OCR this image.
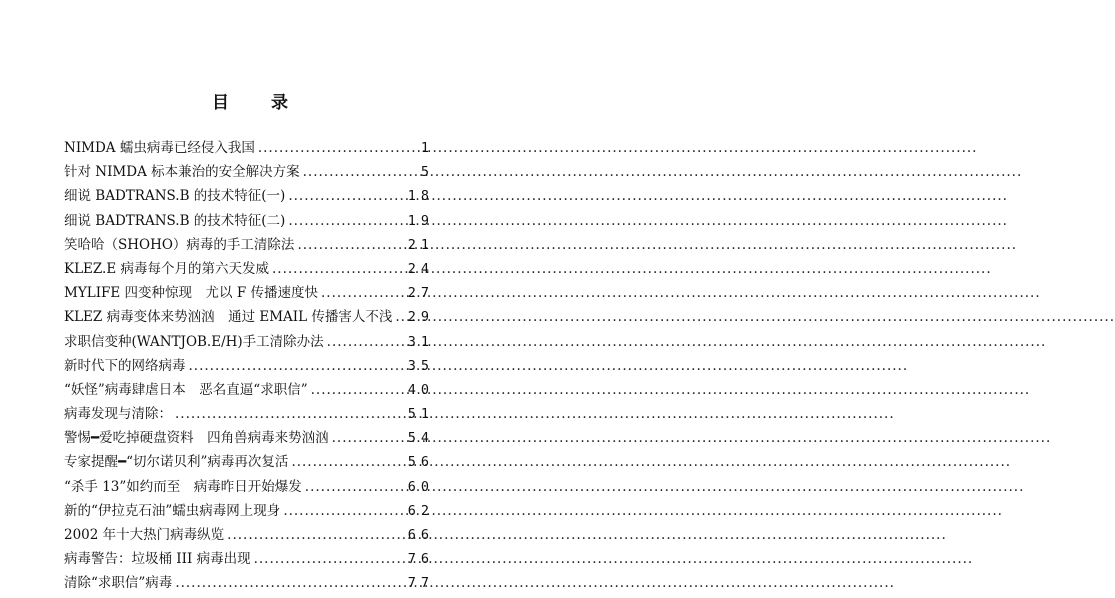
目 录
NIMDA 蠕虫病毒已经侵入我国 .....	1
针对 NIMDA 标本兼治的安全解决方案 .....	5
细说 BADTRANS.B 的技术特征(一) .....	18
细说 BADTRANS.B 的技术特征(二) .....	19
笑哈哈（SHOHO）病毒的手工清除法 .....	21
KLEZ.E 病毒每个月的第六天发威 .....	24
MYLIFE 四变种惊现　尤以 F 传播速度快 .....	27
KLEZ 病毒变体来势汹汹　通过 EMAIL 传播害人不浅 ..... 29
求职信变种(WANTJOB.E/H)手工清除办法 .....	31
新时代下的网络病毒 .....	35
“妖怪”病毒肆虐日本　恶名直逼“求职信” .....	40
病毒发现与清除： .....	51
警惕━爱吃掉硬盘资料　四角兽病毒来势汹汹 .....	54
专家提醒━“切尔诺贝利”病毒再次复活 .....	56
“杀手 13”如约而至　病毒昨日开始爆发 .....	60
新的“伊拉克石油”蠕虫病毒网上现身 .....	62
2002 年十大热门病毒纵览 .....	66
病毒警告：垃圾桶 III 病毒出现 .....	76
清除“求职信”病毒 .....	77
